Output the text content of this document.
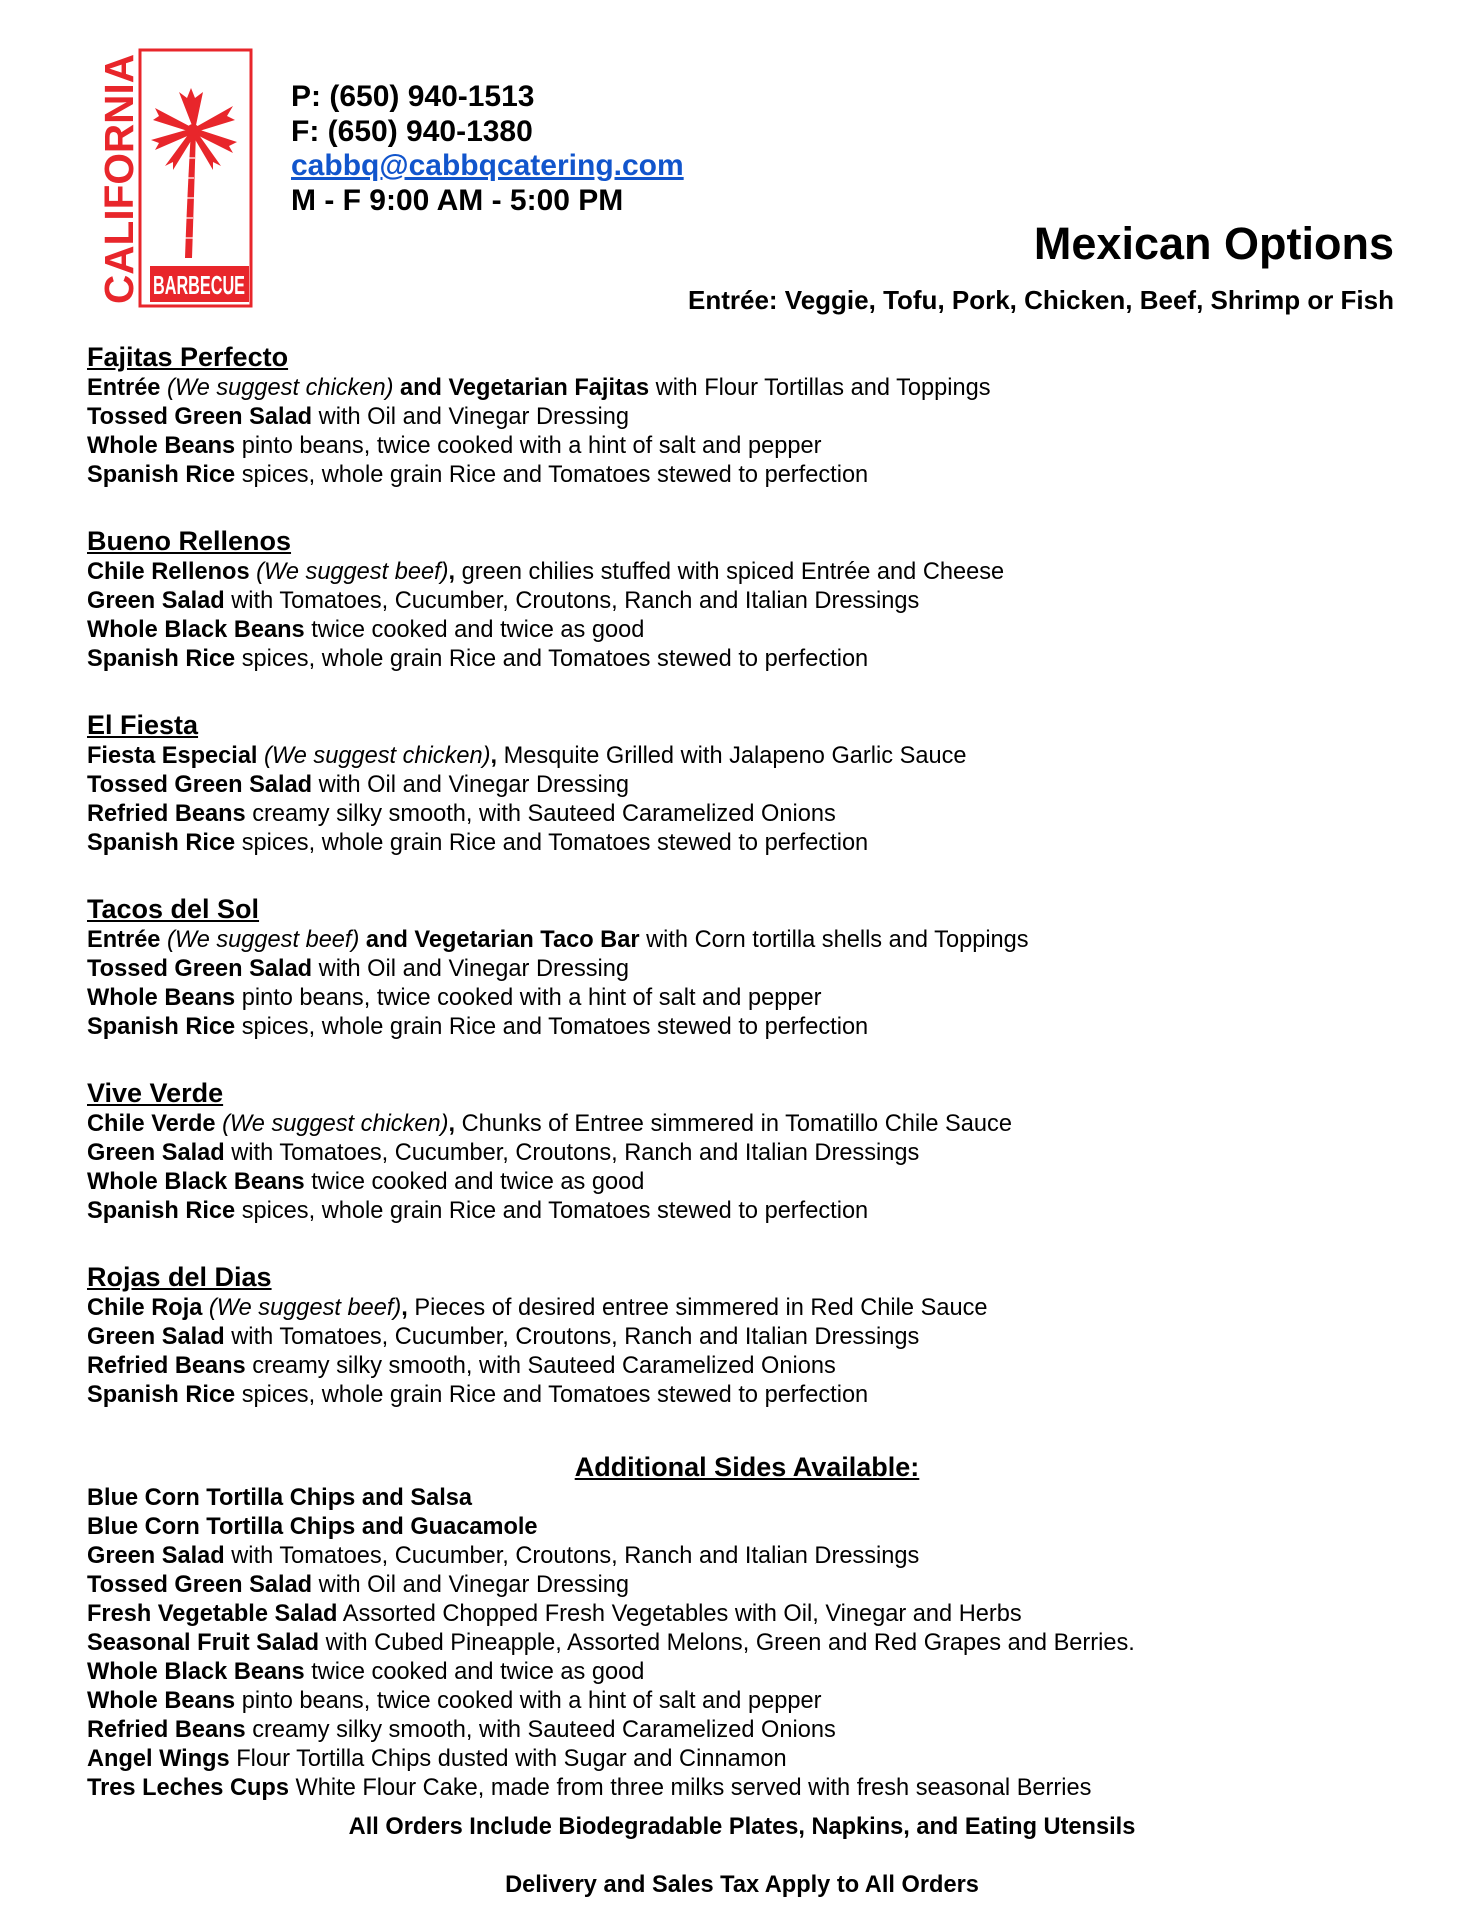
CALIFORNIA BARBECUE
P: (650) 940-1513
F: (650) 940-1380
cabbq@cabbqcatering.com
M - F 9:00 AM - 5:00 PM
Mexican Options
Entrée: Veggie, Tofu, Pork, Chicken, Beef, Shrimp or Fish
Fajitas Perfecto
Entrée (We suggest chicken) and Vegetarian Fajitas with Flour Tortillas and Toppings
Tossed Green Salad with Oil and Vinegar Dressing
Whole Beans pinto beans, twice cooked with a hint of salt and pepper
Spanish Rice spices, whole grain Rice and Tomatoes stewed to perfection
Bueno Rellenos
Chile Rellenos (We suggest beef), green chilies stuffed with spiced Entrée and Cheese
Green Salad with Tomatoes, Cucumber, Croutons, Ranch and Italian Dressings
Whole Black Beans twice cooked and twice as good
Spanish Rice spices, whole grain Rice and Tomatoes stewed to perfection
El Fiesta
Fiesta Especial (We suggest chicken), Mesquite Grilled with Jalapeno Garlic Sauce
Tossed Green Salad with Oil and Vinegar Dressing
Refried Beans creamy silky smooth, with Sauteed Caramelized Onions
Spanish Rice spices, whole grain Rice and Tomatoes stewed to perfection
Tacos del Sol
Entrée (We suggest beef) and Vegetarian Taco Bar with Corn tortilla shells and Toppings
Tossed Green Salad with Oil and Vinegar Dressing
Whole Beans pinto beans, twice cooked with a hint of salt and pepper
Spanish Rice spices, whole grain Rice and Tomatoes stewed to perfection
Vive Verde
Chile Verde (We suggest chicken), Chunks of Entree simmered in Tomatillo Chile Sauce
Green Salad with Tomatoes, Cucumber, Croutons, Ranch and Italian Dressings
Whole Black Beans twice cooked and twice as good
Spanish Rice spices, whole grain Rice and Tomatoes stewed to perfection
Rojas del Dias
Chile Roja (We suggest beef), Pieces of desired entree simmered in Red Chile Sauce
Green Salad with Tomatoes, Cucumber, Croutons, Ranch and Italian Dressings
Refried Beans creamy silky smooth, with Sauteed Caramelized Onions
Spanish Rice spices, whole grain Rice and Tomatoes stewed to perfection
Additional Sides Available:
Blue Corn Tortilla Chips and Salsa
Blue Corn Tortilla Chips and Guacamole
Green Salad with Tomatoes, Cucumber, Croutons, Ranch and Italian Dressings
Tossed Green Salad with Oil and Vinegar Dressing
Fresh Vegetable Salad Assorted Chopped Fresh Vegetables with Oil, Vinegar and Herbs
Seasonal Fruit Salad with Cubed Pineapple, Assorted Melons, Green and Red Grapes and Berries.
Whole Black Beans twice cooked and twice as good
Whole Beans pinto beans, twice cooked with a hint of salt and pepper
Refried Beans creamy silky smooth, with Sauteed Caramelized Onions
Angel Wings Flour Tortilla Chips dusted with Sugar and Cinnamon
Tres Leches Cups White Flour Cake, made from three milks served with fresh seasonal Berries
All Orders Include Biodegradable Plates, Napkins, and Eating Utensils
Delivery and Sales Tax Apply to All Orders
